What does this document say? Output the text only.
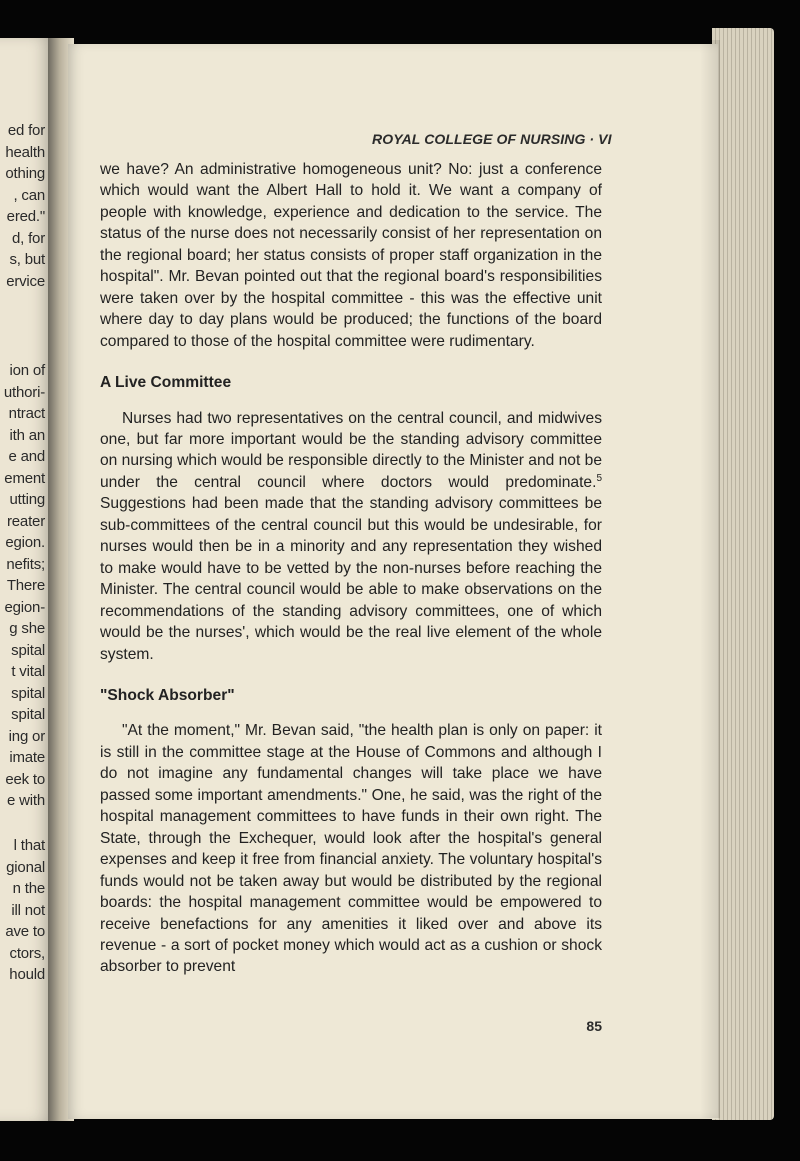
ed for
health
othing
, can
ered."
d, for
s, but
ervice
ion of
uthori-
ntract
ith an
e and
ement
utting
reater
egion.
nefits;
There
egion-
g she
spital
t vital
spital
spital
ing or
imate
eek to
e with
l that
gional
n the
ill not
ave to
ctors,
hould
ROYAL COLLEGE OF NURSING · VI

we have? An administrative homogeneous unit? No: just a conference which would want the Albert Hall to hold it. We want a company of people with knowledge, experience and dedication to the service. The status of the nurse does not necessarily consist of her representation on the regional board; her status consists of proper staff organization in the hospital". Mr. Bevan pointed out that the regional board's responsibilities were taken over by the hospital committee - this was the effective unit where day to day plans would be produced; the functions of the board compared to those of the hospital committee were rudimentary.

A Live Committee

Nurses had two representatives on the central council, and midwives one, but far more important would be the standing advisory committee on nursing which would be responsible directly to the Minister and not be under the central council where doctors would predominate.$^5$ Suggestions had been made that the standing advisory committees be sub-committees of the central council but this would be undesirable, for nurses would then be in a minority and any representation they wished to make would have to be vetted by the non-nurses before reaching the Minister. The central council would be able to make observations on the recommendations of the standing advisory committees, one of which would be the nurses', which would be the real live element of the whole system.

"Shock Absorber"

"At the moment," Mr. Bevan said, "the health plan is only on paper: it is still in the committee stage at the House of Commons and although I do not imagine any fundamental changes will take place we have passed some important amendments." One, he said, was the right of the hospital management committees to have funds in their own right. The State, through the Exchequer, would look after the hospital's general expenses and keep it free from financial anxiety. The voluntary hospital's funds would not be taken away but would be distributed by the regional boards: the hospital management committee would be empowered to receive benefactions for any amenities it liked over and above its revenue - a sort of pocket money which would act as a cushion or shock absorber to prevent

85
